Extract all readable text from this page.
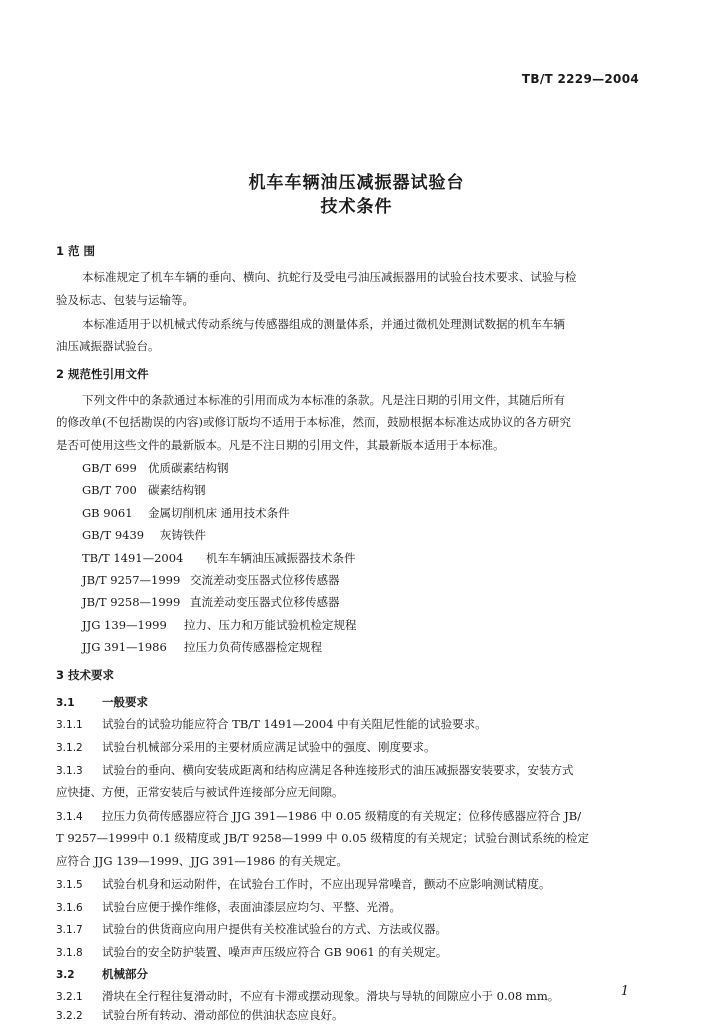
TB/T 2229—2004
机车车辆油压减振器试验台
技术条件
1 范 围
本标准规定了机车车辆的垂向、横向、抗蛇行及受电弓油压减振器用的试验台技术要求、试验与检
验及标志、包装与运输等。
本标准适用于以机械式传动系统与传感器组成的测量体系，并通过微机处理测试数据的机车车辆
油压减振器试验台。
2 规范性引用文件
下列文件中的条款通过本标准的引用而成为本标准的条款。凡是注日期的引用文件，其随后所有
的修改单(不包括勘误的内容)或修订版均不适用于本标准，然而，鼓励根据本标准达成协议的各方研究
是否可使用这些文件的最新版本。凡是不注日期的引用文件，其最新版本适用于本标准。
GB/T 699 优质碳素结构钢
GB/T 700 碳素结构钢
GB 9061 金属切削机床 通用技术条件
GB/T 9439 灰铸铁件
TB/T 1491—2004 机车车辆油压减振器技术条件
JB/T 9257—1999 交流差动变压器式位移传感器
JB/T 9258—1999 直流差动变压器式位移传感器
JJG 139—1999 拉力、压力和万能试验机检定规程
JJG 391—1986 拉压力负荷传感器检定规程
3 技术要求
3.1 一般要求
3.1.1 试验台的试验功能应符合 TB/T 1491—2004 中有关阻尼性能的试验要求。
3.1.2 试验台机械部分采用的主要材质应满足试验中的强度、刚度要求。
3.1.3 试验台的垂向、横向安装成距离和结构应满足各种连接形式的油压减振器安装要求，安装方式
应快捷、方便，正常安装后与被试件连接部分应无间隙。
3.1.4 拉压力负荷传感器应符合 JJG 391—1986 中 0.05 级精度的有关规定；位移传感器应符合 JB/
T 9257—1999中 0.1 级精度或 JB/T 9258—1999 中 0.05 级精度的有关规定；试验台测试系统的检定
应符合 JJG 139—1999、JJG 391—1986 的有关规定。
3.1.5 试验台机身和运动附件，在试验台工作时，不应出现异常噪音，颤动不应影响测试精度。
3.1.6 试验台应便于操作维修，表面油漆层应均匀、平整、光滑。
3.1.7 试验台的供货商应向用户提供有关校准试验台的方式、方法或仪器。
3.1.8 试验台的安全防护装置、噪声声压级应符合 GB 9061 的有关规定。
3.2 机械部分
3.2.1 滑块在全行程往复滑动时，不应有卡滞或摆动现象。滑块与导轨的间隙应小于 0.08 mm。
3.2.2 试验台所有转动、滑动部位的供油状态应良好。
1
